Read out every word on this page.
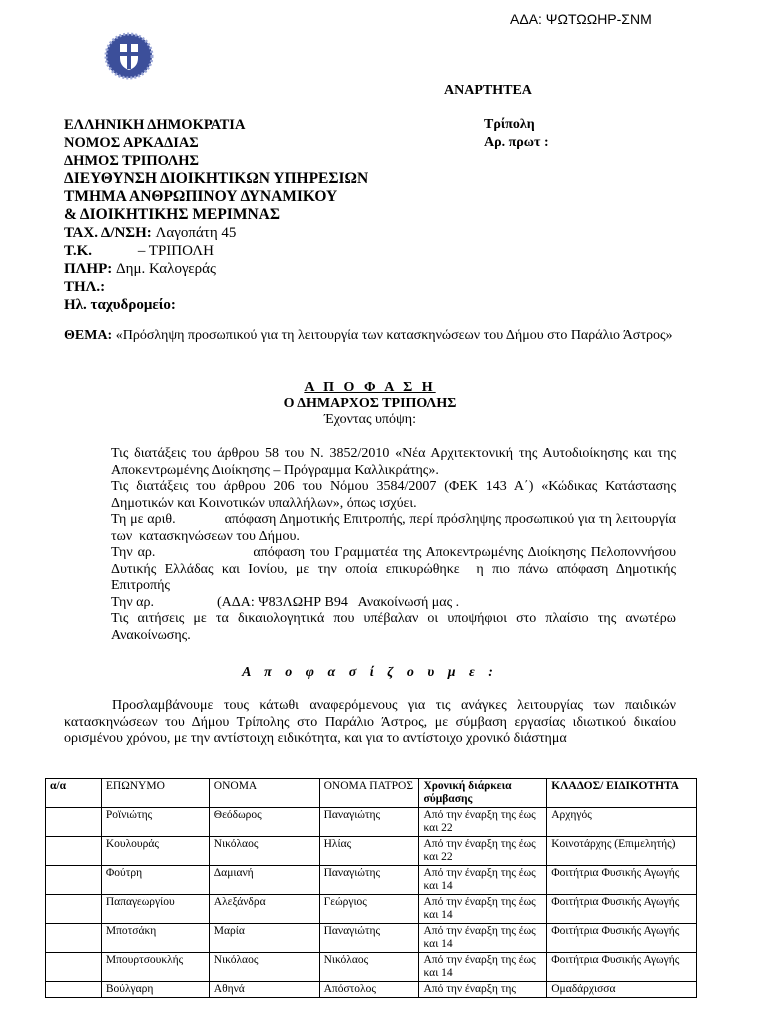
ΑΔΑ: ΨΩΤΩΩΗΡ-ΣΝΜ
ΑΝΑΡΤΗΤΕΑ
ΕΛΛΗΝΙΚΗ ΔΗΜΟΚΡΑΤΙΑ
ΝΟΜΟΣ ΑΡΚΑΔΙΑΣ
ΔΗΜΟΣ ΤΡΙΠΟΛΗΣ
ΔΙΕΥΘΥΝΣΗ ΔΙΟΙΚΗΤΙΚΩΝ ΥΠΗΡΕΣΙΩΝ
ΤΜΗΜΑ ΑΝΘΡΩΠΙΝΟΥ ΔΥΝΑΜΙΚΟΥ
& ΔΙΟΙΚΗΤΙΚΗΣ ΜΕΡΙΜΝΑΣ
ΤΑΧ. Δ/ΝΣΗ: Λαγοπάτη 45
Τ.Κ.	– ΤΡΙΠΟΛΗ
ΠΛΗΡ: Δημ. Καλογεράς
ΤΗΛ.:
Ηλ. ταχυδρομείο:
Τρίπολη
Αρ. πρωτ :
ΘΕΜΑ: «Πρόσληψη προσωπικού για τη λειτουργία των κατασκηνώσεων του Δήμου στο Παράλιο Άστρος»
Α Π Ο Φ Α Σ Η
Ο ΔΗΜΑΡΧΟΣ ΤΡΙΠΟΛΗΣ
Έχοντας υπόψη:

Τις διατάξεις του άρθρου 58 του Ν. 3852/2010 «Νέα Αρχιτεκτονική της Αυτοδιοίκησης και της Αποκεντρωμένης Διοίκησης – Πρόγραμμα Καλλικράτης».

Τις διατάξεις του άρθρου 206 του Νόμου 3584/2007 (ΦΕΚ 143 Α΄) «Κώδικας Κατάστασης Δημοτικών και Κοινοτικών υπαλλήλων», όπως ισχύει.

Τη με αριθ.             απόφαση Δημοτικής Επιτροπής, περί πρόσληψης προσωπικού για τη λειτουργία των  κατασκηνώσεων του Δήμου.

Την αρ.                    απόφαση του Γραμματέα της Αποκεντρωμένης Διοίκησης Πελοποννήσου Δυτικής Ελλάδας και Ιονίου, με την οποία επικυρώθηκε  η πιο πάνω απόφαση Δημοτικής  Επιτροπής

Την αρ.                  (ΑΔΑ: Ψ83ΛΩΗΡ Β94   Ανακοίνωσή μας .

Τις αιτήσεις με τα δικαιολογητικά που υπέβαλαν οι υποψήφιοι στο πλαίσιο της ανωτέρω Ανακοίνωσης.

Α π ο φ α σ ί ζ ο υ μ ε :
Προσλαμβάνουμε τους κάτωθι αναφερόμενους για τις ανάγκες λειτουργίας των παιδικών κατασκηνώσεων του Δήμου Τρίπολης στο Παράλιο Άστρος, με σύμβαση εργασίας ιδιωτικού δικαίου ορισμένου χρόνου, με την αντίστοιχη ειδικότητα, και για το αντίστοιχο χρονικό διάστημα
α/α	ΕΠΩΝΥΜΟ	ΟΝΟΜΑ	ΟΝΟΜΑ ΠΑΤΡΟΣ	Χρονική διάρκεια σύμβασης	ΚΛΑΔΟΣ/ ΕΙΔΙΚΟΤΗΤΑ
	Ροϊνιώτης	Θεόδωρος	Παναγιώτης	Από την έναρξη της έως και 22	Αρχηγός
	Κουλουράς	Νικόλαος	Ηλίας	Από την έναρξη της έως και 22	Κοινοτάρχης (Επιμελητής)
	Φούτρη	Δαμιανή	Παναγιώτης	Από την έναρξη της έως και 14	Φοιτήτρια Φυσικής Αγωγής
	Παπαγεωργίου	Αλεξάνδρα	Γεώργιος	Από την έναρξη της έως και 14	Φοιτήτρια Φυσικής Αγωγής
	Μποτσάκη	Μαρία	Παναγιώτης	Από την έναρξη της έως και 14	Φοιτήτρια Φυσικής Αγωγής
	Μπουρτσουκλής	Νικόλαος	Νικόλαος	Από την έναρξη της έως και 14	Φοιτήτρια Φυσικής Αγωγής
	Βούλγαρη	Αθηνά	Απόστολος	Από την έναρξη της	Ομαδάρχισσα
